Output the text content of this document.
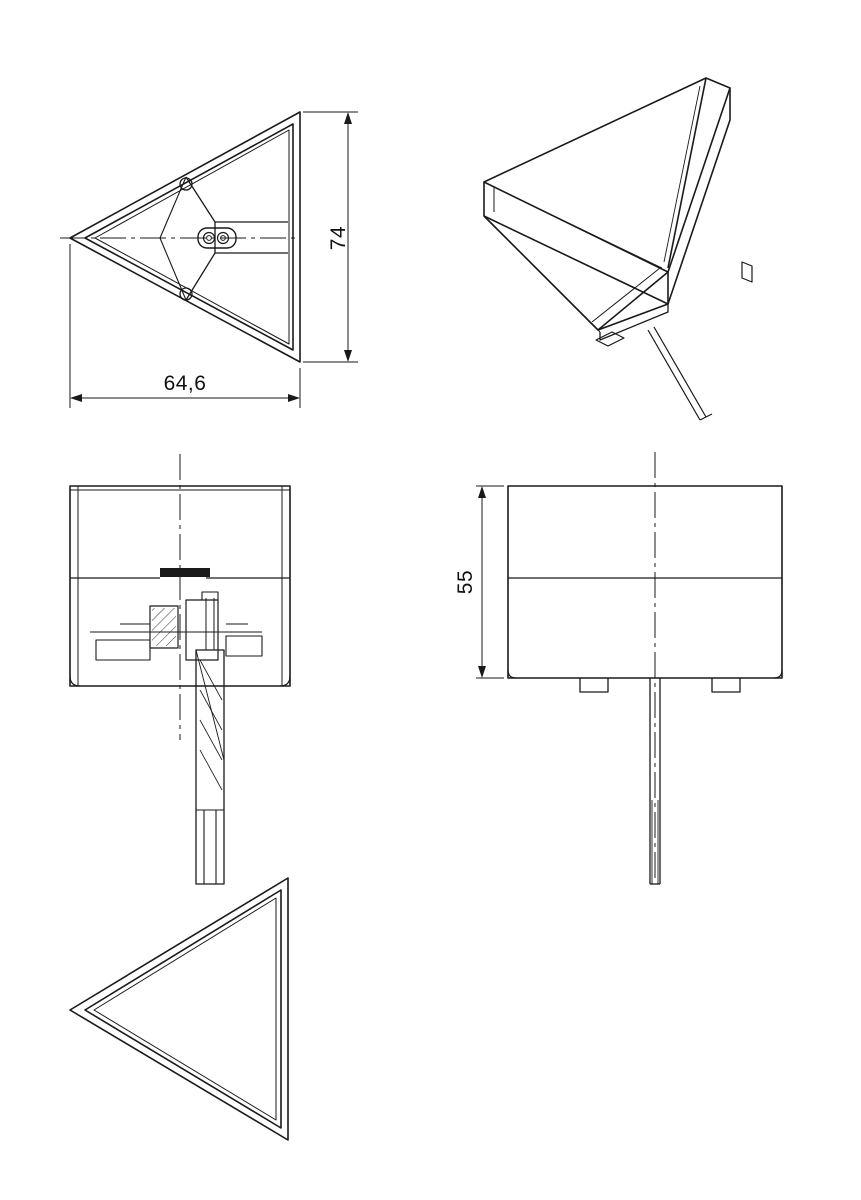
74
64,6
55
